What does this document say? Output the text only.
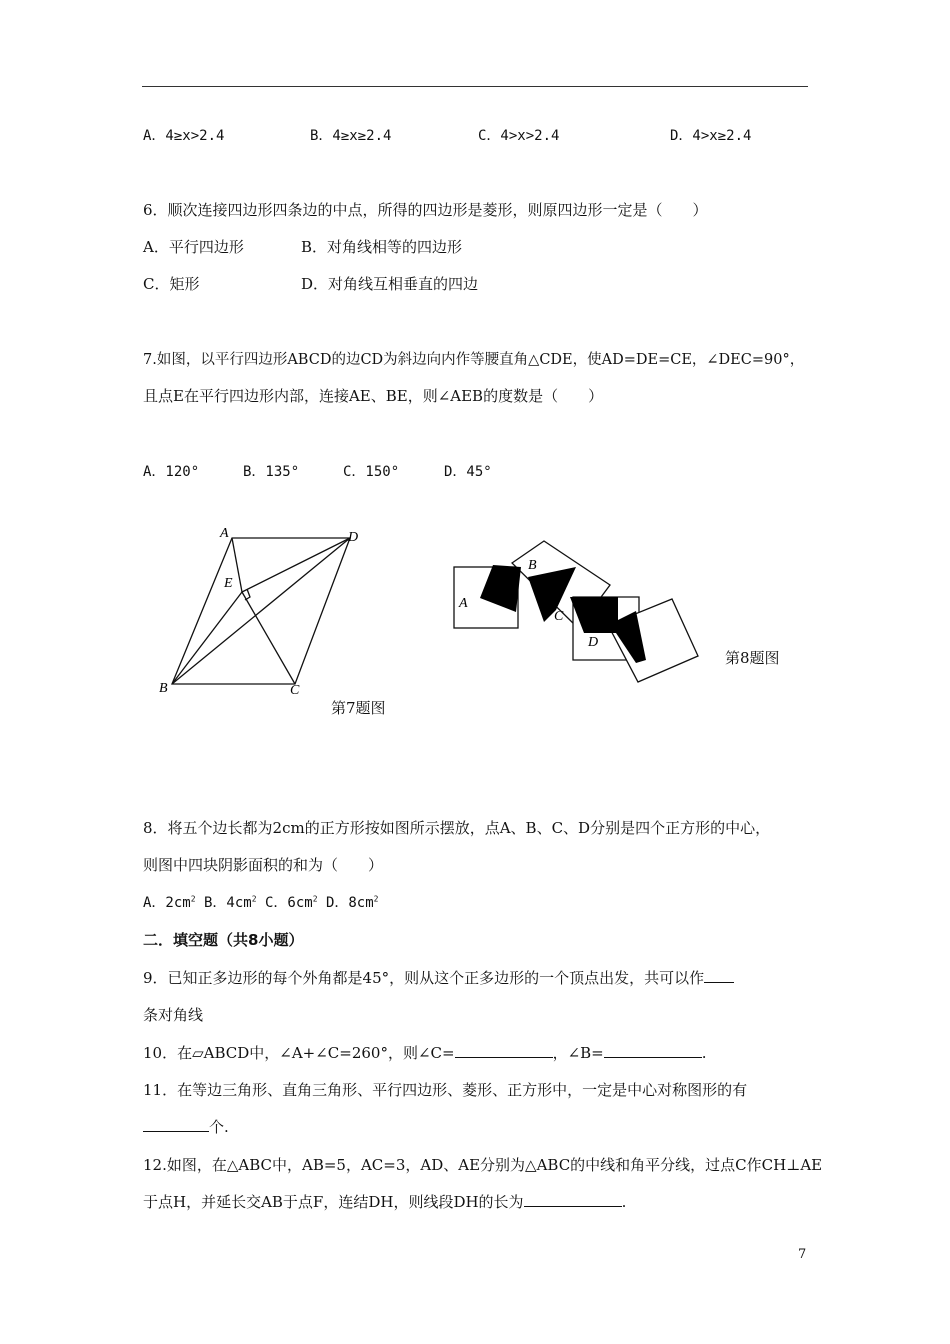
A．4≥x>2.4	B．4≥x≥2.4	C．4>x>2.4	D．4>x≥2.4
6．顺次连接四边形四条边的中点，所得的四边形是菱形，则原四边形一定是（　　）
A．平行四边形	B．对角线相等的四边形
C．矩形	D．对角线互相垂直的四边
7.如图，以平行四边形ABCD的边CD为斜边向内作等腰直角△CDE，使AD=DE=CE，∠DEC=90°，
且点E在平行四边形内部，连接AE、BE，则∠AEB的度数是（　　）
A．120°	B．135°	C．150°	D．45°
A	D
E
B	C
第7题图
A
B
C
D
第8题图
8．将五个边长都为2cm的正方形按如图所示摆放，点A、B、C、D分别是四个正方形的中心，
则图中四块阴影面积的和为（　　）
A．$2cm^2$ B．$4cm^2$ C．$6cm^2$ D．$8cm^2$
二．填空题（共8小题）
9．已知正多边形的每个外角都是45°，则从这个正多边形的一个顶点出发，共可以作
条对角线
10．在▱ABCD中，∠A+∠C=260°，则∠C=	，∠B=	.
11．在等边三角形、直角三角形、平行四边形、菱形、正方形中，一定是中心对称图形的有
个.
12.如图，在△ABC中，AB=5，AC=3，AD、AE分别为△ABC的中线和角平分线，过点C作CH⊥AE
于点H，并延长交AB于点F，连结DH，则线段DH的长为	.
7
